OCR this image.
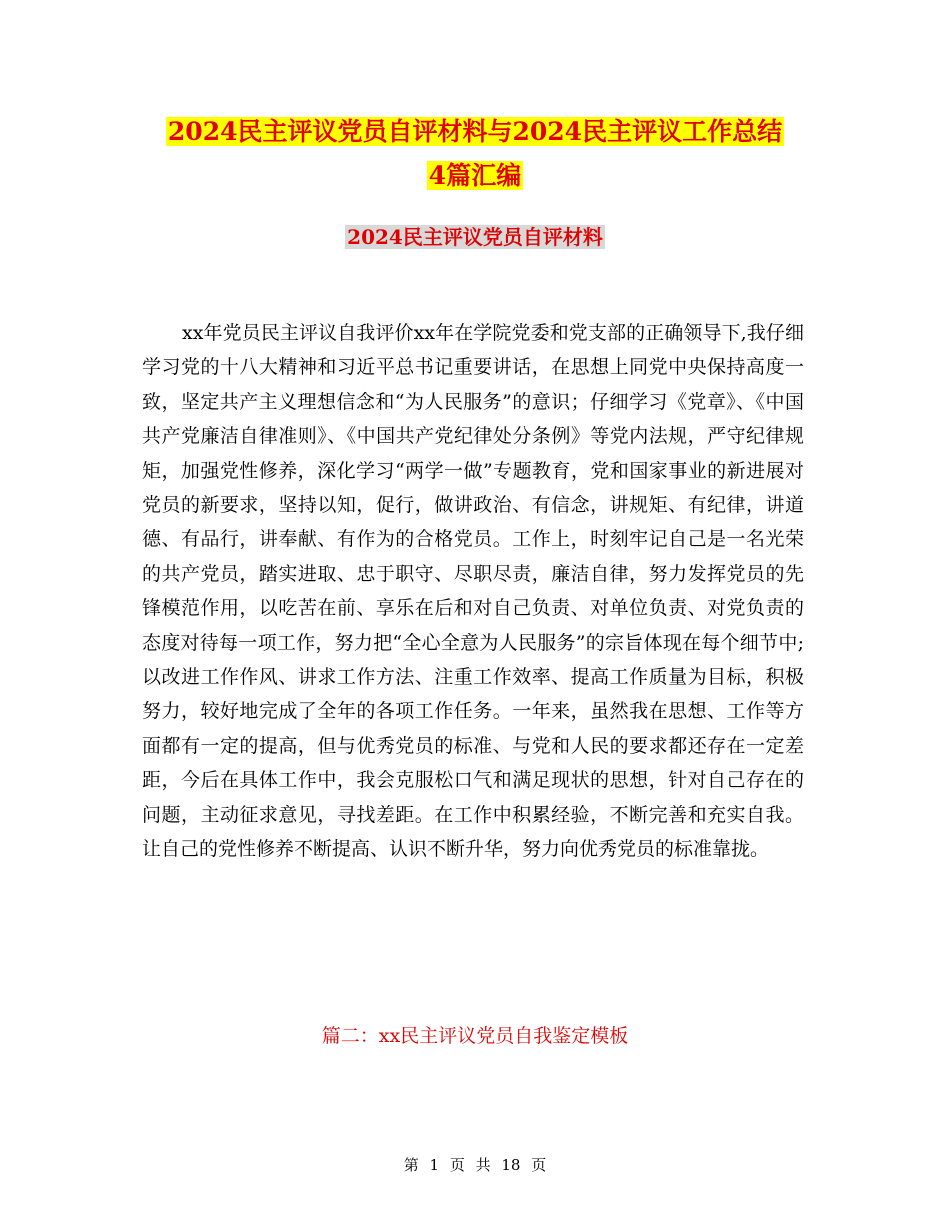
2024民主评议党员自评材料与2024民主评议工作总结
4篇汇编
2024民主评议党员自评材料

xx年党员民主评议自我评价xx年在学院党委和党支部的正确领导下,我仔细学习党的十八大精神和习近平总书记重要讲话，在思想上同党中央保持高度一致，坚定共产主义理想信念和“为人民服务”的意识；仔细学习《党章》、《中国共产党廉洁自律准则》、《中国共产党纪律处分条例》等党内法规，严守纪律规矩，加强党性修养，深化学习“两学一做”专题教育，党和国家事业的新进展对党员的新要求，坚持以知，促行，做讲政治、有信念，讲规矩、有纪律，讲道德、有品行，讲奉献、有作为的合格党员。工作上，时刻牢记自己是一名光荣的共产党员，踏实进取、忠于职守、尽职尽责，廉洁自律，努力发挥党员的先锋模范作用，以吃苦在前、享乐在后和对自己负责、对单位负责、对党负责的态度对待每一项工作，努力把“全心全意为人民服务”的宗旨体现在每个细节中;以改进工作作风、讲求工作方法、注重工作效率、提高工作质量为目标，积极努力，较好地完成了全年的各项工作任务。一年来，虽然我在思想、工作等方面都有一定的提高，但与优秀党员的标准、与党和人民的要求都还存在一定差距，今后在具体工作中，我会克服松口气和满足现状的思想，针对自己存在的问题，主动征求意见，寻找差距。在工作中积累经验，不断完善和充实自我。让自己的党性修养不断提高、认识不断升华，努力向优秀党员的标准靠拢。

篇二：xx民主评议党员自我鉴定模板
第 1 页 共 18 页
